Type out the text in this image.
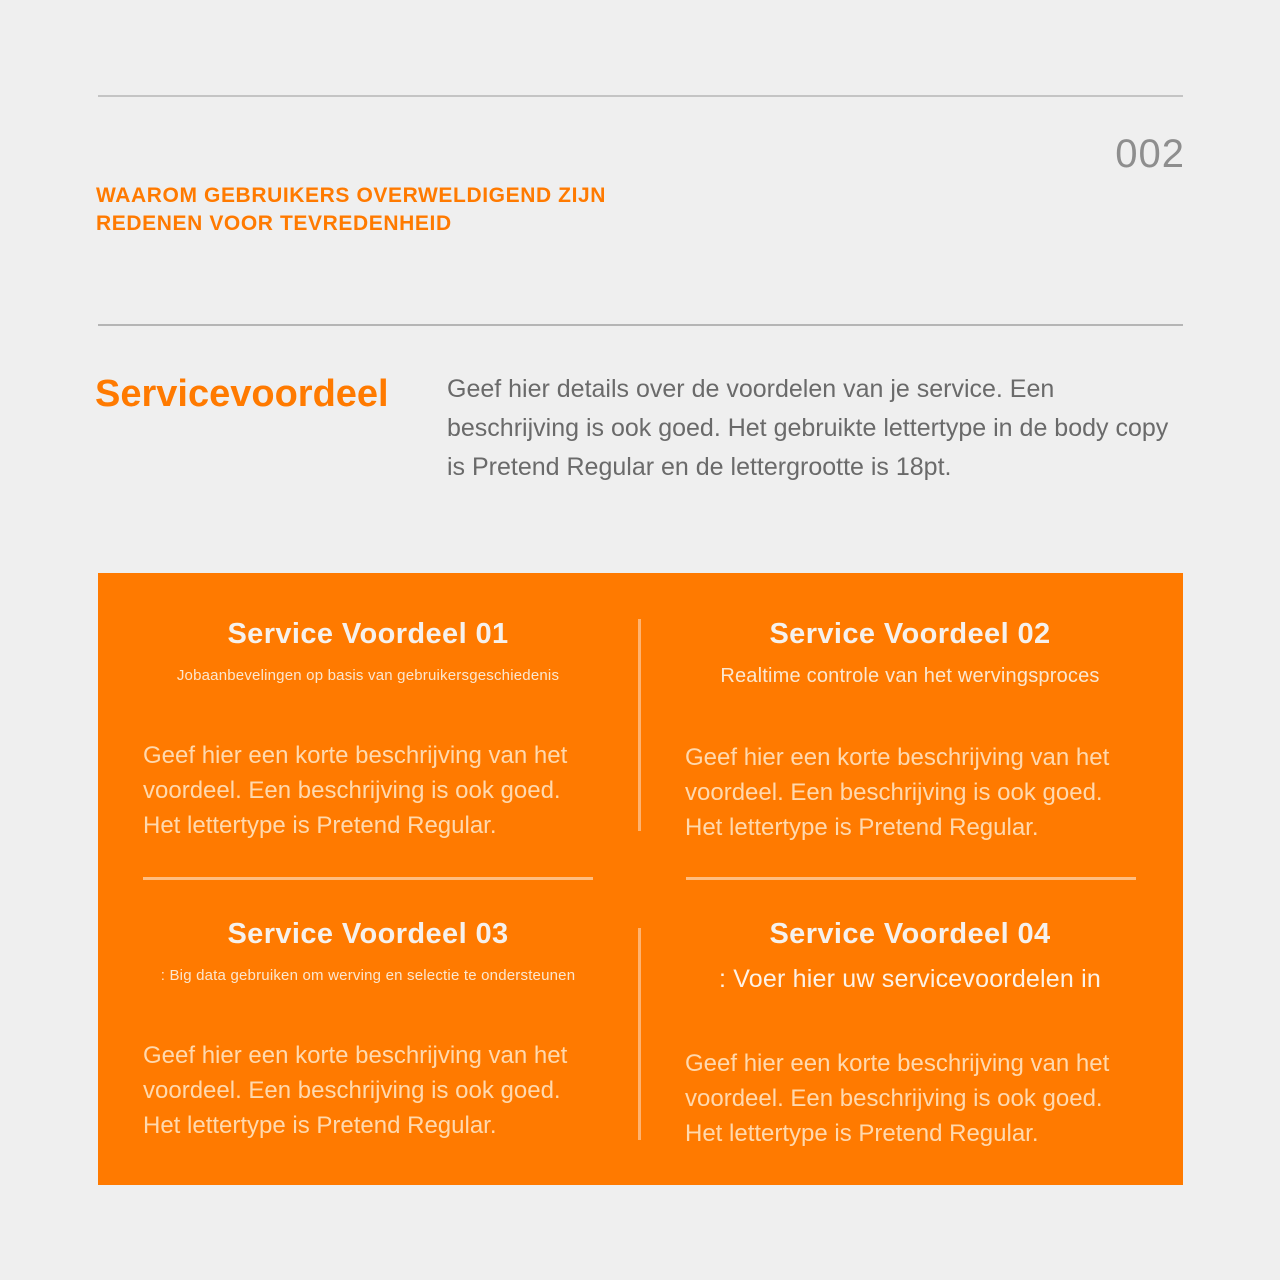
002
WAAROM GEBRUIKERS OVERWELDIGEND ZIJN
REDENEN VOOR TEVREDENHEID
Servicevoordeel Geef hier details over de voordelen van je service. Een beschrijving is ook goed. Het gebruikte lettertype in de body copy is Pretend Regular en de lettergrootte is 18pt.
Service Voordeel 01
Jobaanbevelingen op basis van gebruikersgeschiedenis
Geef hier een korte beschrijving van het voordeel. Een beschrijving is ook goed. Het lettertype is Pretend Regular.
Service Voordeel 02
Realtime controle van het wervingsproces
Geef hier een korte beschrijving van het voordeel. Een beschrijving is ook goed. Het lettertype is Pretend Regular.
Service Voordeel 03
: Big data gebruiken om werving en selectie te ondersteunen
Geef hier een korte beschrijving van het voordeel. Een beschrijving is ook goed. Het lettertype is Pretend Regular.
Service Voordeel 04
: Voer hier uw servicevoordelen in
Geef hier een korte beschrijving van het voordeel. Een beschrijving is ook goed. Het lettertype is Pretend Regular.
